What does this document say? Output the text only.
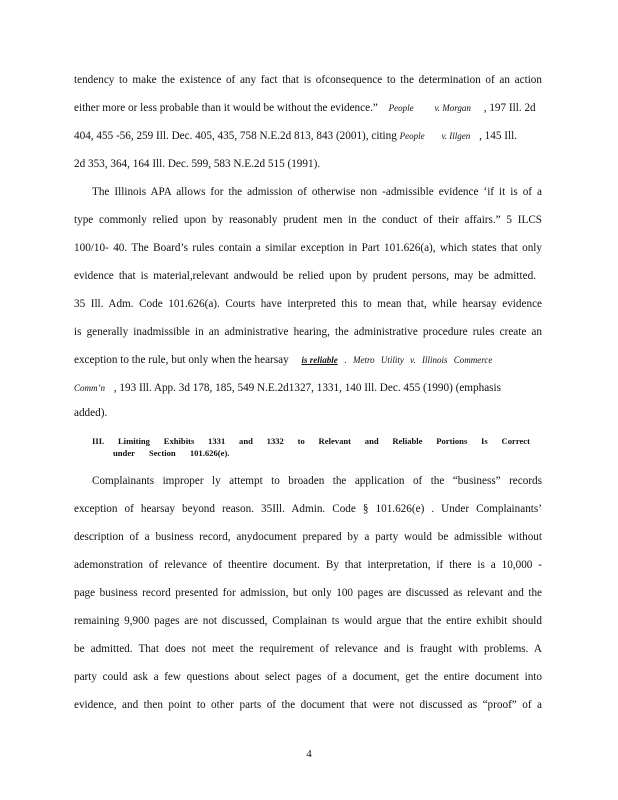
tendency to make the existence of any fact that is ofconsequence to the determination of an action
either more or less probable than it would be without the evidence.” People v. Morgan , 197 Ill. 2d
404, 455 -56, 259 Ill. Dec. 405, 435, 758 N.E.2d 813, 843 (2001), citing People v. Illgen , 145 Ill.
2d 353, 364, 164 Ill. Dec. 599, 583 N.E.2d 515 (1991).
The Illinois APA allows for the admission of otherwise non -admissible evidence ‘if it is of a
type commonly relied upon by reasonably prudent men in the conduct of their affairs.” 5 ILCS
100/10- 40. The Board’s rules contain a similar exception in Part 101.626(a), which states that only
evidence that is material,relevant andwould be relied upon by prudent persons, may be admitted.
35 Ill. Adm. Code 101.626(a). Courts have interpreted this to mean that, while hearsay evidence
is generally inadmissible in an administrative hearing, the administrative procedure rules create an
exception to the rule, but only when the hearsay is reliable . Metro Utility v. Illinois Commerce
Comm’n , 193 Ill. App. 3d 178, 185, 549 N.E.2d1327, 1331, 140 Ill. Dec. 455 (1990) (emphasis
added).
III. Limiting Exhibits 1331 and 1332 to Relevant and Reliable Portions Is Correct
under Section 101.626(e).
Complainants improper ly attempt to broaden the application of the “business” records
exception of hearsay beyond reason. 35Ill. Admin. Code § 101.626(e) . Under Complainants’
description of a business record, anydocument prepared by a party would be admissible without
ademonstration of relevance of theentire document. By that interpretation, if there is a 10,000 -
page business record presented for admission, but only 100 pages are discussed as relevant and the
remaining 9,900 pages are not discussed, Complainan ts would argue that the entire exhibit should
be admitted. That does not meet the requirement of relevance and is fraught with problems. A
party could ask a few questions about select pages of a document, get the entire document into
evidence, and then point to other parts of the document that were not discussed as “proof” of a
4
